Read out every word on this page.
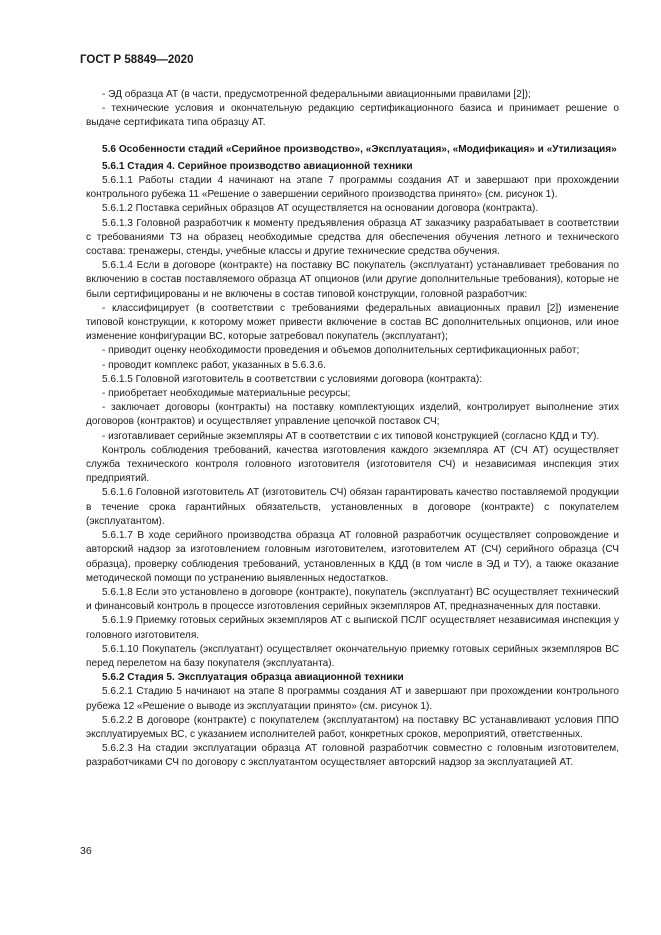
ГОСТ Р 58849—2020

- ЭД образца АТ (в части, предусмотренной федеральными авиационными правилами [2]);

- технические условия и окончательную редакцию сертификационного базиса и принимает решение о выдаче сертификата типа образцу АТ.

5.6 Особенности стадий «Серийное производство», «Эксплуатация», «Модификация» и «Утилизация»

5.6.1 Стадия 4. Серийное производство авиационной техники

5.6.1.1 Работы стадии 4 начинают на этапе 7 программы создания АТ и завершают при прохождении контрольного рубежа 11 «Решение о завершении серийного производства принято» (см. рисунок 1).

5.6.1.2 Поставка серийных образцов АТ осуществляется на основании договора (контракта).

5.6.1.3 Головной разработчик к моменту предъявления образца АТ заказчику разрабатывает в соответствии с требованиями ТЗ на образец необходимые средства для обеспечения обучения летного и технического состава: тренажеры, стенды, учебные классы и другие технические средства обучения.

5.6.1.4 Если в договоре (контракте) на поставку ВС покупатель (эксплуатант) устанавливает требования по включению в состав поставляемого образца АТ опционов (или другие дополнительные требования), которые не были сертифицированы и не включены в состав типовой конструкции, головной разработчик:

- классифицирует (в соответствии с требованиями федеральных авиационных правил [2]) изменение типовой конструкции, к которому может привести включение в состав ВС дополнительных опционов, или иное изменение конфигурации ВС, которые затребовал покупатель (эксплуатант);

- приводит оценку необходимости проведения и объемов дополнительных сертификационных работ;

- проводит комплекс работ, указанных в 5.6.3.6.

5.6.1.5 Головной изготовитель в соответствии с условиями договора (контракта):

- приобретает необходимые материальные ресурсы;

- заключает договоры (контракты) на поставку комплектующих изделий, контролирует выполнение этих договоров (контрактов) и осуществляет управление цепочкой поставок СЧ;

- изготавливает серийные экземпляры АТ в соответствии с их типовой конструкцией (согласно КДД и ТУ).

Контроль соблюдения требований, качества изготовления каждого экземпляра АТ (СЧ АТ) осуществляет служба технического контроля головного изготовителя (изготовителя СЧ) и независимая инспекция этих предприятий.

5.6.1.6 Головной изготовитель АТ (изготовитель СЧ) обязан гарантировать качество поставляемой продукции в течение срока гарантийных обязательств, установленных в договоре (контракте) с покупателем (эксплуатантом).

5.6.1.7 В ходе серийного производства образца АТ головной разработчик осуществляет сопровождение и авторский надзор за изготовлением головным изготовителем, изготовителем АТ (СЧ) серийного образца (СЧ образца), проверку соблюдения требований, установленных в КДД (в том числе в ЭД и ТУ), а также оказание методической помощи по устранению выявленных недостатков.

5.6.1.8 Если это установлено в договоре (контракте), покупатель (эксплуатант) ВС осуществляет технический и финансовый контроль в процессе изготовления серийных экземпляров АТ, предназначенных для поставки.

5.6.1.9 Приемку готовых серийных экземпляров АТ с выпиской ПСЛГ осуществляет независимая инспекция у головного изготовителя.

5.6.1.10 Покупатель (эксплуатант) осуществляет окончательную приемку готовых серийных экземпляров ВС перед перелетом на базу покупателя (эксплуатанта).

5.6.2 Стадия 5. Эксплуатация образца авиационной техники

5.6.2.1 Стадию 5 начинают на этапе 8 программы создания АТ и завершают при прохождении контрольного рубежа 12 «Решение о выводе из эксплуатации принято» (см. рисунок 1).

5.6.2.2 В договоре (контракте) с покупателем (эксплуатантом) на поставку ВС устанавливают условия ППО эксплуатируемых ВС, с указанием исполнителей работ, конкретных сроков, мероприятий, ответственных.

5.6.2.3 На стадии эксплуатации образца АТ головной разработчик совместно с головным изготовителем, разработчиками СЧ по договору с эксплуатантом осуществляет авторский надзор за эксплуатацией АТ.

36
